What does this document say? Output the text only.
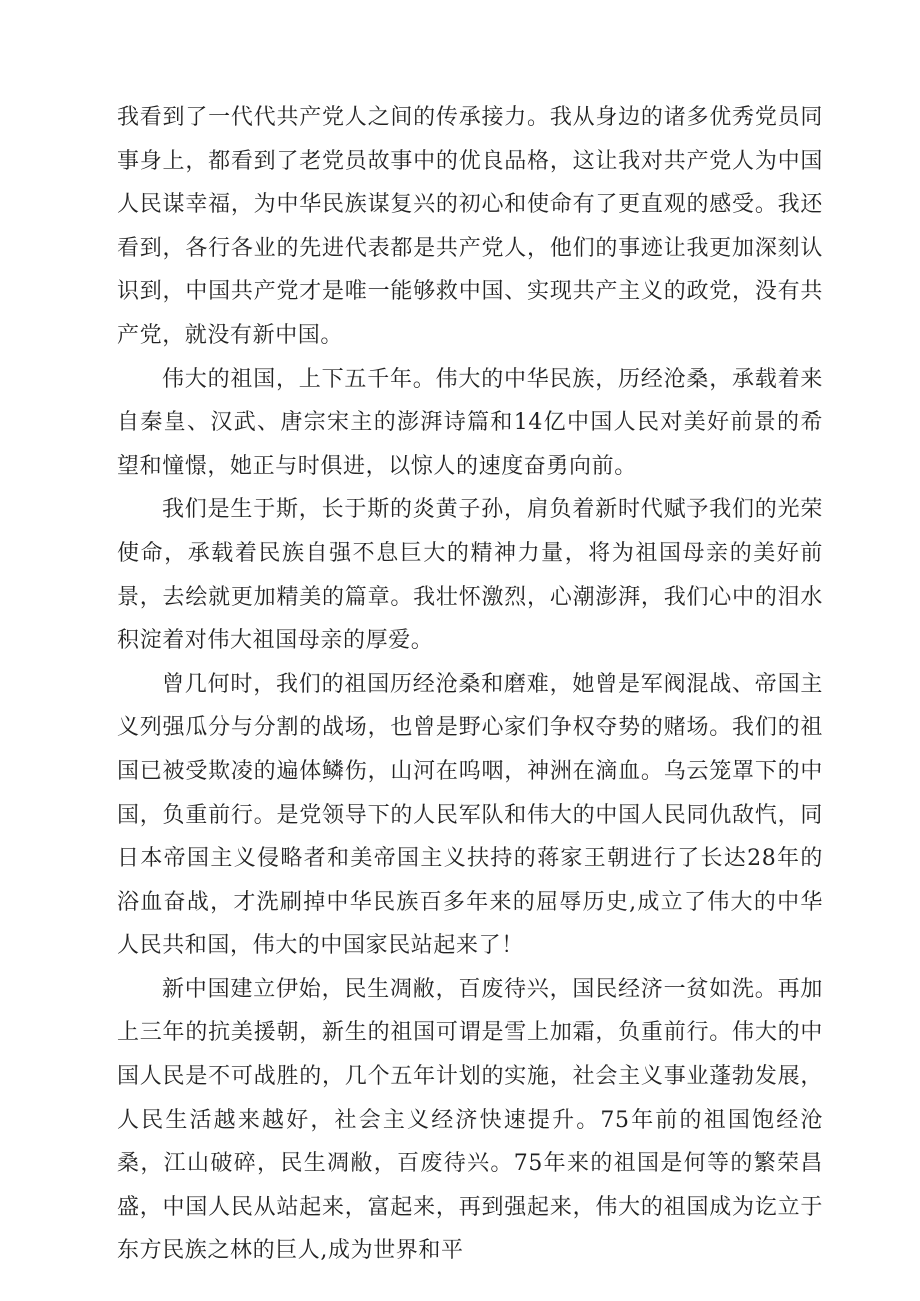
我看到了一代代共产党人之间的传承接力。我从身边的诸多优秀党员同事身上，都看到了老党员故事中的优良品格，这让我对共产党人为中国人民谋幸福，为中华民族谋复兴的初心和使命有了更直观的感受。我还看到，各行各业的先进代表都是共产党人，他们的事迹让我更加深刻认识到，中国共产党才是唯一能够救中国、实现共产主义的政党，没有共产党，就没有新中国。

伟大的祖国，上下五千年。伟大的中华民族，历经沧桑，承载着来自秦皇、汉武、唐宗宋主的澎湃诗篇和14亿中国人民对美好前景的希望和憧憬，她正与时俱进，以惊人的速度奋勇向前。

我们是生于斯，长于斯的炎黄子孙，肩负着新时代赋予我们的光荣使命，承载着民族自强不息巨大的精神力量，将为祖国母亲的美好前景，去绘就更加精美的篇章。我壮怀激烈，心潮澎湃，我们心中的泪水积淀着对伟大祖国母亲的厚爱。

曾几何时，我们的祖国历经沧桑和磨难，她曾是军阀混战、帝国主义列强瓜分与分割的战场，也曾是野心家们争权夺势的赌场。我们的祖国已被受欺凌的遍体鳞伤，山河在呜咽，神洲在滴血。乌云笼罩下的中国，负重前行。是党领导下的人民军队和伟大的中国人民同仇敌忾，同日本帝国主义侵略者和美帝国主义扶持的蒋家王朝进行了长达28年的浴血奋战，才洗刷掉中华民族百多年来的屈辱历史,成立了伟大的中华人民共和国，伟大的中国家民站起来了！

新中国建立伊始，民生凋敝，百废待兴，国民经济一贫如洗。再加上三年的抗美援朝，新生的祖国可谓是雪上加霜，负重前行。伟大的中国人民是不可战胜的，几个五年计划的实施，社会主义事业蓬勃发展，人民生活越来越好，社会主义经济快速提升。75年前的祖国饱经沧桑，江山破碎，民生凋敝，百废待兴。75年来的祖国是何等的繁荣昌盛，中国人民从站起来，富起来，再到强起来，伟大的祖国成为讫立于东方民族之林的巨人,成为世界和平
